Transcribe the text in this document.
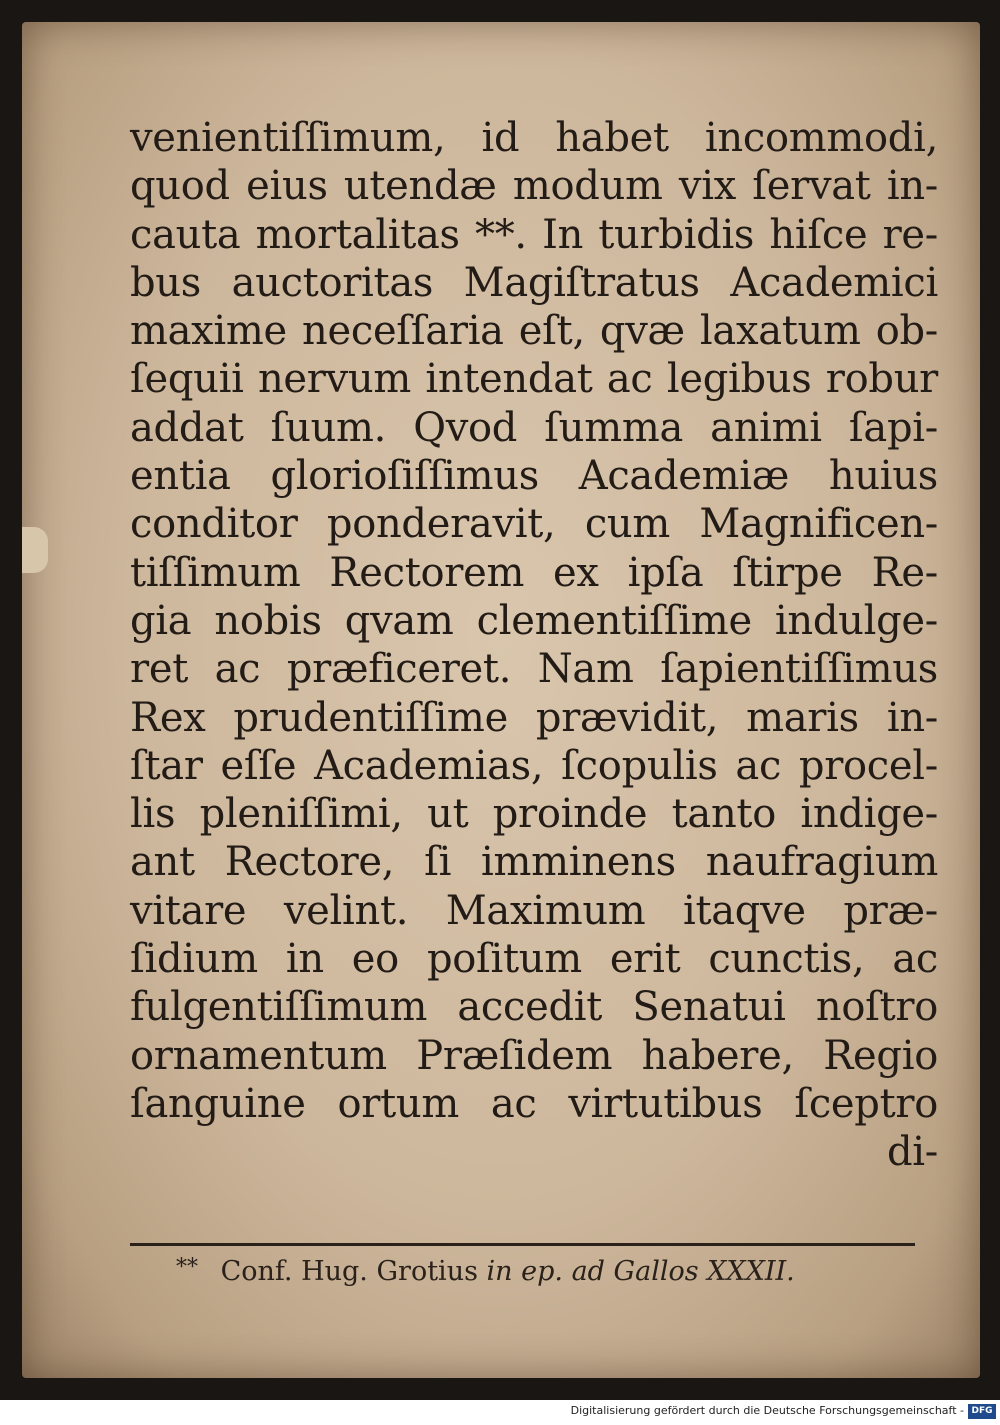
venientiſſimum, id habet incommodi,
quod eius utendæ modum vix ſervat in-
cauta mortalitas **. In turbidis hiſce re-
bus auctoritas Magiſtratus Academici
maxime neceſſaria eſt, qvæ laxatum ob-
ſequii nervum intendat ac legibus robur
addat ſuum. Qvod ſumma animi ſapi-
entia glorioſiſſimus Academiæ huius
conditor ponderavit, cum Magnificen-
tiſſimum Rectorem ex ipſa ſtirpe Re-
gia nobis qvam clementiſſime indulge-
ret ac præficeret. Nam ſapientiſſimus
Rex prudentiſſime prævidit, maris in-
ſtar eſſe Academias, ſcopulis ac procel-
lis pleniſſimi, ut proinde tanto indige-
ant Rectore, ſi imminens naufragium
vitare velint. Maximum itaqve præ-
ſidium in eo poſitum erit cunctis, ac
fulgentiſſimum accedit Senatui noſtro
ornamentum Præſidem habere, Regio
ſanguine ortum ac virtutibus ſceptro
di-
** Conf. Hug. Grotius in ep. ad Gallos XXXII.
Digitalisierung gefördert durch die Deutsche Forschungsgemeinschaft - DFG
